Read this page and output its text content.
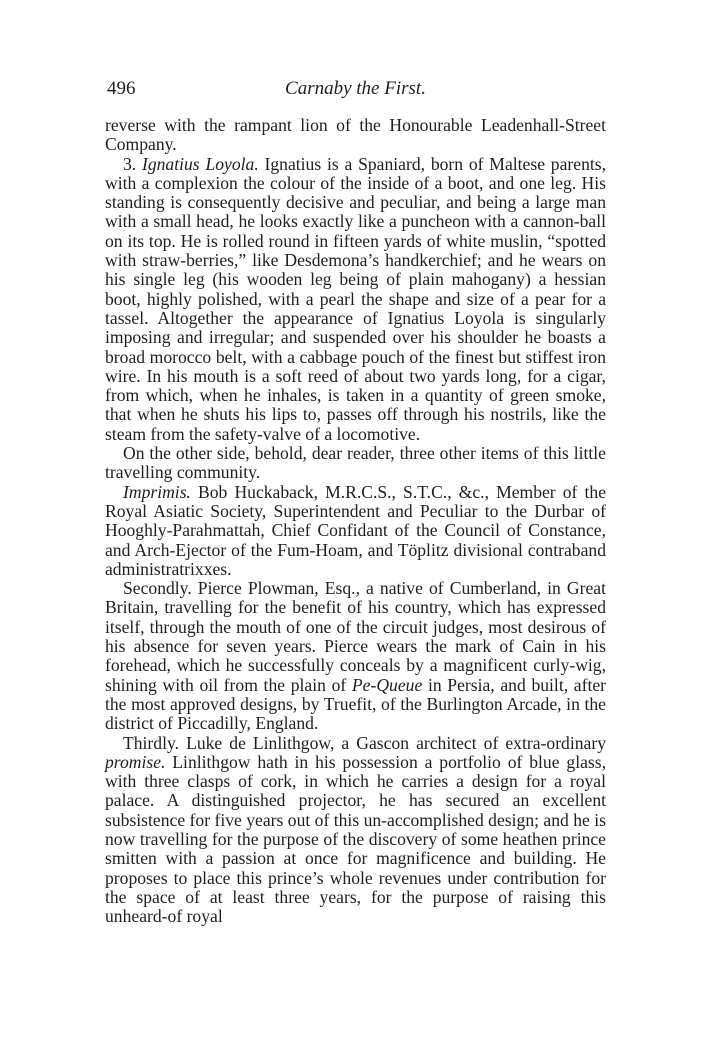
496	Carnaby the First.

reverse with the rampant lion of the Honourable Leadenhall-Street Company.

3. Ignatius Loyola. Ignatius is a Spaniard, born of Maltese parents, with a complexion the colour of the inside of a boot, and one leg. His standing is consequently decisive and peculiar, and being a large man with a small head, he looks exactly like a puncheon with a cannon-ball on its top. He is rolled round in fifteen yards of white muslin, “spotted with straw-berries,” like Desdemona’s handkerchief; and he wears on his single leg (his wooden leg being of plain mahogany) a hessian boot, highly polished, with a pearl the shape and size of a pear for a tassel. Altogether the appearance of Ignatius Loyola is singularly imposing and irregular; and suspended over his shoulder he boasts a broad morocco belt, with a cabbage pouch of the finest but stiffest iron wire. In his mouth is a soft reed of about two yards long, for a cigar, from which, when he inhales, is taken in a quantity of green smoke, that when he shuts his lips to, passes off through his nostrils, like the steam from the safety-valve of a locomotive.

On the other side, behold, dear reader, three other items of this little travelling community.

Imprimis. Bob Huckaback, M.R.C.S., S.T.C., &c., Member of the Royal Asiatic Society, Superintendent and Peculiar to the Durbar of Hooghly-Parahmattah, Chief Confidant of the Council of Constance, and Arch-Ejector of the Fum-Hoam, and Töplitz divisional contraband administratrixxes.

Secondly. Pierce Plowman, Esq., a native of Cumberland, in Great Britain, travelling for the benefit of his country, which has expressed itself, through the mouth of one of the circuit judges, most desirous of his absence for seven years. Pierce wears the mark of Cain in his forehead, which he successfully conceals by a magnificent curly-wig, shining with oil from the plain of Pe-Queue in Persia, and built, after the most approved designs, by Truefit, of the Burlington Arcade, in the district of Piccadilly, England.

Thirdly. Luke de Linlithgow, a Gascon architect of extra-ordinary promise. Linlithgow hath in his possession a portfolio of blue glass, with three clasps of cork, in which he carries a design for a royal palace. A distinguished projector, he has secured an excellent subsistence for five years out of this un-accomplished design; and he is now travelling for the purpose of the discovery of some heathen prince smitten with a passion at once for magnificence and building. He proposes to place this prince’s whole revenues under contribution for the space of at least three years, for the purpose of raising this unheard-of royal
